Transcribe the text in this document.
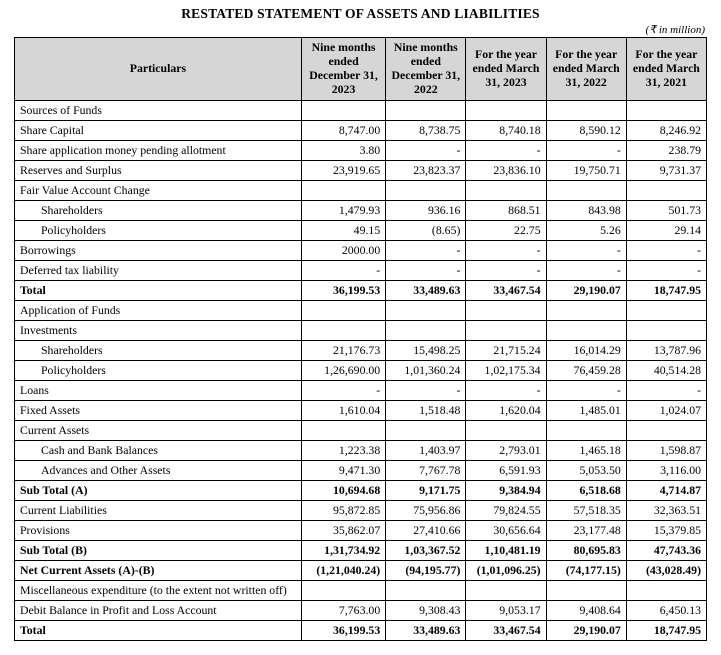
RESTATED STATEMENT OF ASSETS AND LIABILITIES
(₹ in million)
Particulars	Nine months ended December 31, 2023	Nine months ended December 31, 2022	For the year ended March 31, 2023	For the year ended March 31, 2022	For the year ended March 31, 2021
Sources of Funds					
Share Capital	8,747.00	8,738.75	8,740.18	8,590.12	8,246.92
Share application money pending allotment	3.80	-	-	-	238.79
Reserves and Surplus	23,919.65	23,823.37	23,836.10	19,750.71	9,731.37
Fair Value Account Change					
Shareholders	1,479.93	936.16	868.51	843.98	501.73
Policyholders	49.15	(8.65)	22.75	5.26	29.14
Borrowings	2000.00	-	-	-	-
Deferred tax liability	-	-	-	-	-
Total	36,199.53	33,489.63	33,467.54	29,190.07	18,747.95
Application of Funds					
Investments					
Shareholders	21,176.73	15,498.25	21,715.24	16,014.29	13,787.96
Policyholders	1,26,690.00	1,01,360.24	1,02,175.34	76,459.28	40,514.28
Loans	-	-	-	-	-
Fixed Assets	1,610.04	1,518.48	1,620.04	1,485.01	1,024.07
Current Assets					
Cash and Bank Balances	1,223.38	1,403.97	2,793.01	1,465.18	1,598.87
Advances and Other Assets	9,471.30	7,767.78	6,591.93	5,053.50	3,116.00
Sub Total (A)	10,694.68	9,171.75	9,384.94	6,518.68	4,714.87
Current Liabilities	95,872.85	75,956.86	79,824.55	57,518.35	32,363.51
Provisions	35,862.07	27,410.66	30,656.64	23,177.48	15,379.85
Sub Total (B)	1,31,734.92	1,03,367.52	1,10,481.19	80,695.83	47,743.36
Net Current Assets (A)-(B)	(1,21,040.24)	(94,195.77)	(1,01,096.25)	(74,177.15)	(43,028.49)
Miscellaneous expenditure (to the extent not written off)					
Debit Balance in Profit and Loss Account	7,763.00	9,308.43	9,053.17	9,408.64	6,450.13
Total	36,199.53	33,489.63	33,467.54	29,190.07	18,747.95
